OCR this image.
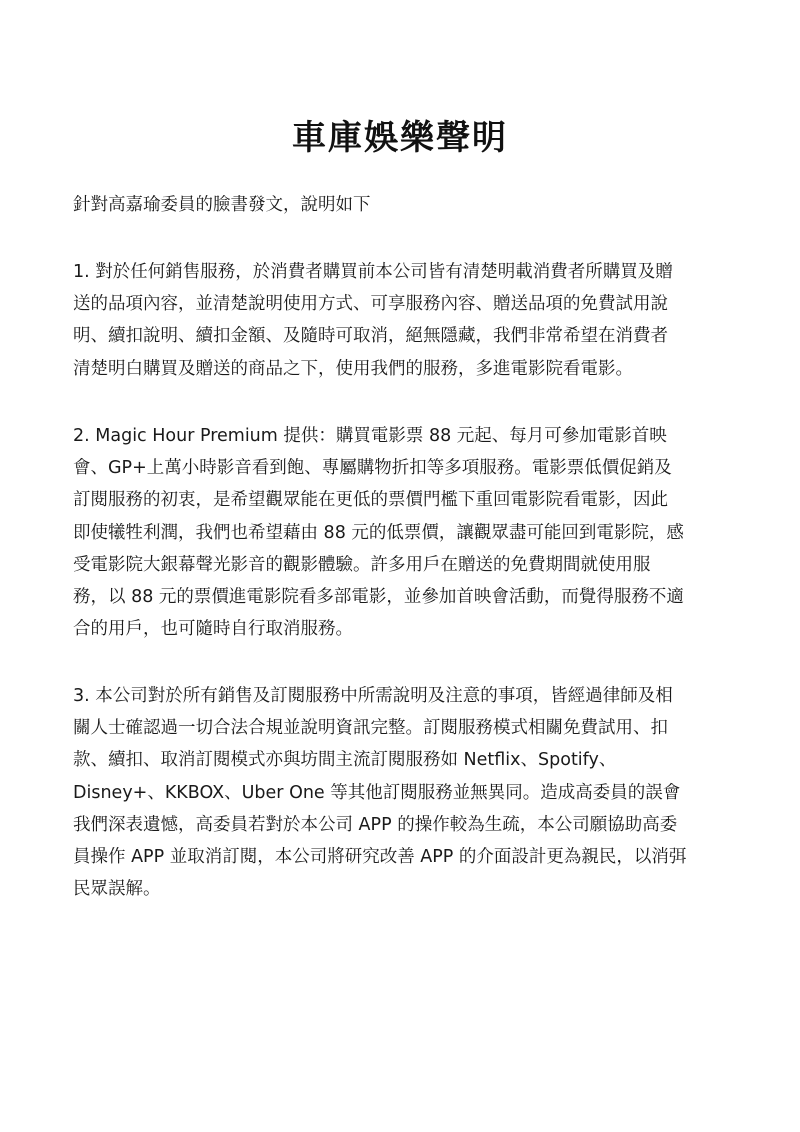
車庫娛樂聲明
針對高嘉瑜委員的臉書發文，說明如下
1. 對於任何銷售服務，於消費者購買前本公司皆有清楚明載消費者所購買及贈
送的品項內容，並清楚說明使用方式、可享服務內容、贈送品項的免費試用說
明、續扣說明、續扣金額、及隨時可取消，絕無隱藏，我們非常希望在消費者
清楚明白購買及贈送的商品之下，使用我們的服務，多進電影院看電影。
2. Magic Hour Premium 提供：購買電影票 88 元起、每月可參加電影首映
會、GP+上萬小時影音看到飽、專屬購物折扣等多項服務。電影票低價促銷及
訂閱服務的初衷，是希望觀眾能在更低的票價門檻下重回電影院看電影，因此
即使犧牲利潤，我們也希望藉由 88 元的低票價，讓觀眾盡可能回到電影院，感
受電影院大銀幕聲光影音的觀影體驗。許多用戶在贈送的免費期間就使用服
務，以 88 元的票價進電影院看多部電影，並參加首映會活動，而覺得服務不適
合的用戶，也可隨時自行取消服務。
3. 本公司對於所有銷售及訂閱服務中所需說明及注意的事項，皆經過律師及相
關人士確認過一切合法合規並說明資訊完整。訂閱服務模式相關免費試用、扣
款、續扣、取消訂閱模式亦與坊間主流訂閱服務如 Netflix、Spotify、
Disney+、KKBOX、Uber One 等其他訂閱服務並無異同。造成高委員的誤會
我們深表遺憾，高委員若對於本公司 APP 的操作較為生疏，本公司願協助高委
員操作 APP 並取消訂閱，本公司將研究改善 APP 的介面設計更為親民，以消弭
民眾誤解。
